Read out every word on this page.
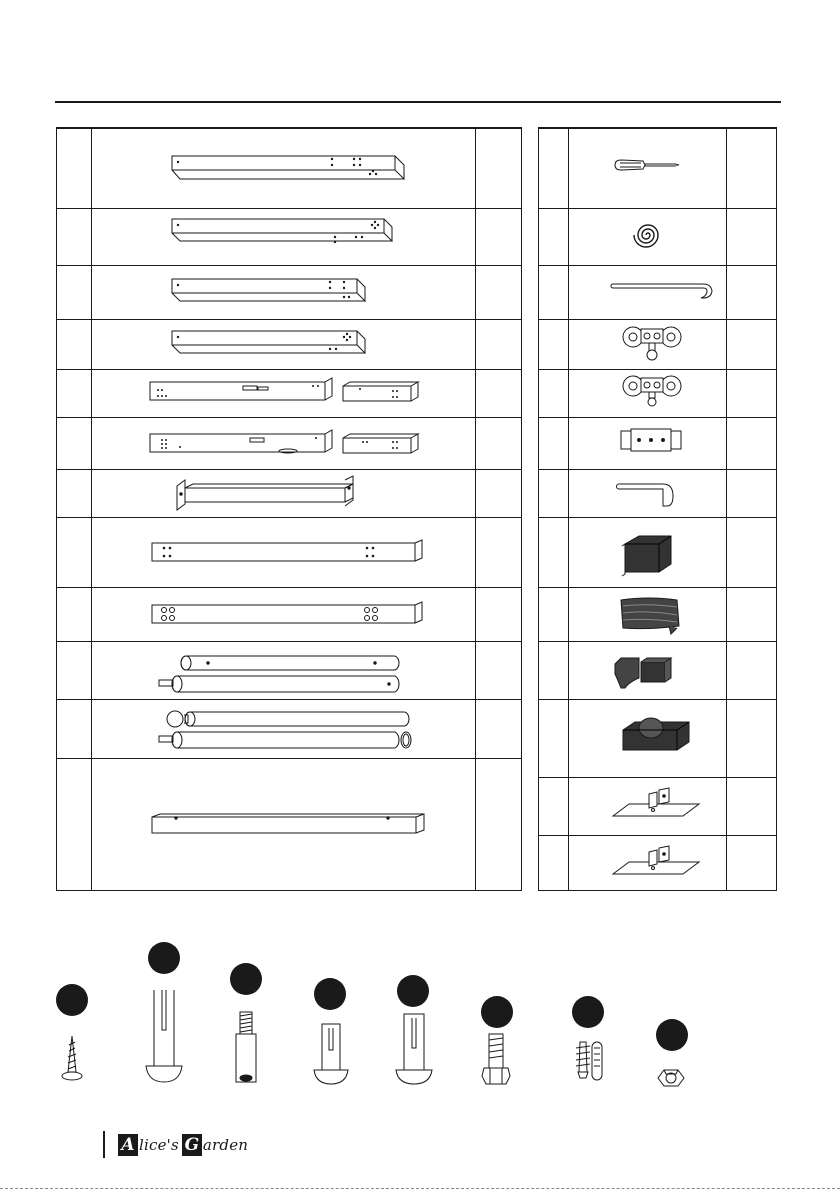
A lice's G arden
